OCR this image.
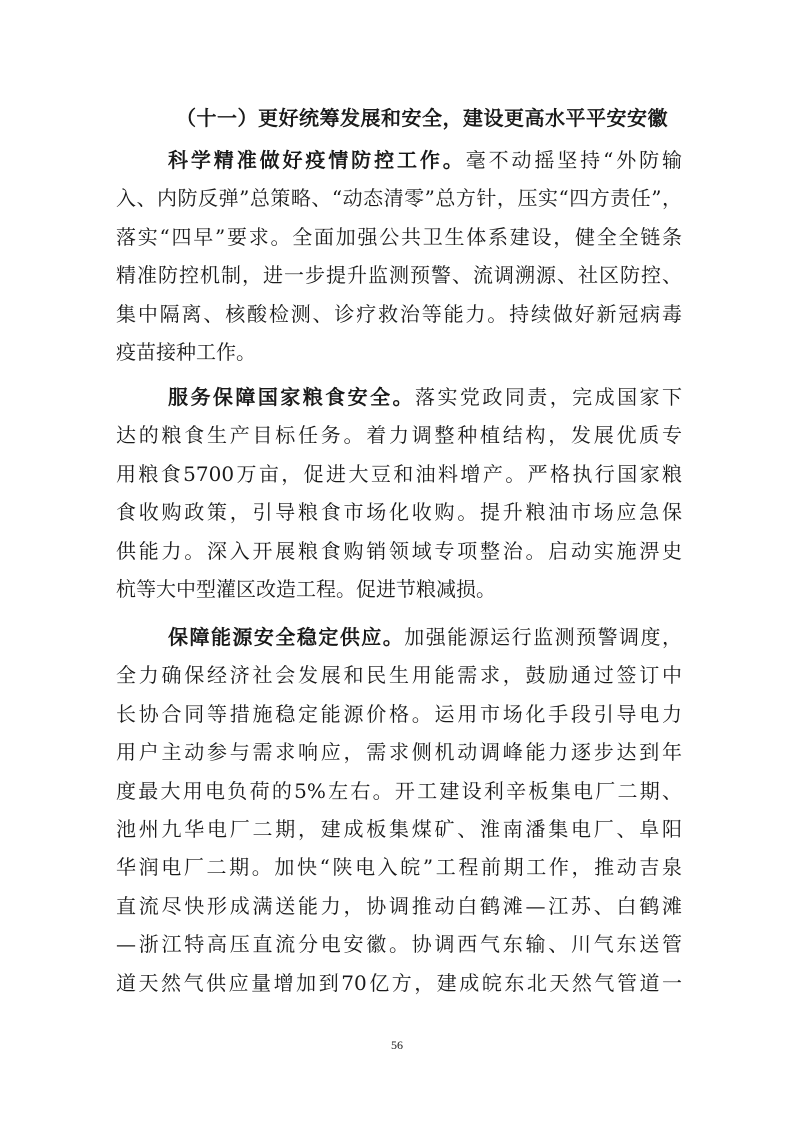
（十一）更好统筹发展和安全，建设更高水平平安安徽
科学精准做好疫情防控工作。毫不动摇坚持“外防输
入、内防反弹”总策略、“动态清零”总方针，压实“四方责任”，
落实“四早”要求。全面加强公共卫生体系建设，健全全链条
精准防控机制，进一步提升监测预警、流调溯源、社区防控、
集中隔离、核酸检测、诊疗救治等能力。持续做好新冠病毒
疫苗接种工作。
服务保障国家粮食安全。落实党政同责，完成国家下
达的粮食生产目标任务。着力调整种植结构，发展优质专
用粮食5700万亩，促进大豆和油料增产。严格执行国家粮
食收购政策，引导粮食市场化收购。提升粮油市场应急保
供能力。深入开展粮食购销领域专项整治。启动实施淠史
杭等大中型灌区改造工程。促进节粮减损。
保障能源安全稳定供应。加强能源运行监测预警调度，
全力确保经济社会发展和民生用能需求，鼓励通过签订中
长协合同等措施稳定能源价格。运用市场化手段引导电力
用户主动参与需求响应，需求侧机动调峰能力逐步达到年
度最大用电负荷的5%左右。开工建设利辛板集电厂二期、
池州九华电厂二期，建成板集煤矿、淮南潘集电厂、阜阳
华润电厂二期。加快“陕电入皖”工程前期工作，推动吉泉
直流尽快形成满送能力，协调推动白鹤滩—江苏、白鹤滩
—浙江特高压直流分电安徽。协调西气东输、川气东送管
道天然气供应量增加到70亿方，建成皖东北天然气管道一
56
